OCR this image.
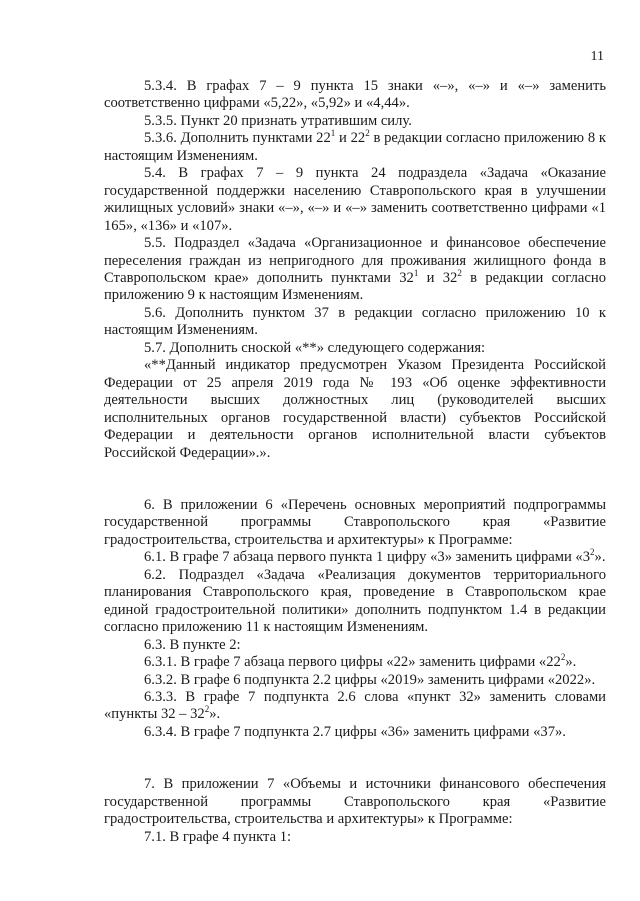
11

5.3.4. В графах 7 – 9 пункта 15 знаки «–», «–» и «–» заменить соответственно цифрами «5,22», «5,92» и «4,44».

5.3.5. Пункт 20 признать утратившим силу.

5.3.6. Дополнить пунктами $22^1$ и $22^2$ в редакции согласно приложению 8 к настоящим Изменениям.

5.4. В графах 7 – 9 пункта 24 подраздела «Задача «Оказание государственной поддержки населению Ставропольского края в улучшении жилищных условий» знаки «–», «–» и «–» заменить соответственно цифрами «1 165», «136» и «107».

5.5. Подраздел «Задача «Организационное и финансовое обеспечение переселения граждан из непригодного для проживания жилищного фонда в Ставропольском крае» дополнить пунктами $32^1$ и $32^2$ в редакции согласно приложению 9 к настоящим Изменениям.

5.6. Дополнить пунктом 37 в редакции согласно приложению 10 к настоящим Изменениям.

5.7. Дополнить сноской «**» следующего содержания:

«**Данный индикатор предусмотрен Указом Президента Российской Федерации от 25 апреля 2019 года № 193 «Об оценке эффективности деятельности высших должностных лиц (руководителей высших исполнительных органов государственной власти) субъектов Российской Федерации и деятельности органов исполнительной власти субъектов Российской Федерации».».

6. В приложении 6 «Перечень основных мероприятий подпрограммы государственной программы Ставропольского края «Развитие градостроительства, строительства и архитектуры» к Программе:

6.1. В графе 7 абзаца первого пункта 1 цифру «3» заменить цифрами «$3^2$».

6.2. Подраздел «Задача «Реализация документов территориального планирования Ставропольского края, проведение в Ставропольском крае единой градостроительной политики» дополнить подпунктом 1.4 в редакции согласно приложению 11 к настоящим Изменениям.

6.3. В пункте 2:

6.3.1. В графе 7 абзаца первого цифры «22» заменить цифрами «$22^2$».

6.3.2. В графе 6 подпункта 2.2 цифры «2019» заменить цифрами «2022».

6.3.3. В графе 7 подпункта 2.6 слова «пункт 32» заменить словами «пункты $32 - 32^2$».

6.3.4. В графе 7 подпункта 2.7 цифры «36» заменить цифрами «37».

7. В приложении 7 «Объемы и источники финансового обеспечения государственной программы Ставропольского края «Развитие градостроительства, строительства и архитектуры» к Программе:

7.1. В графе 4 пункта 1:
